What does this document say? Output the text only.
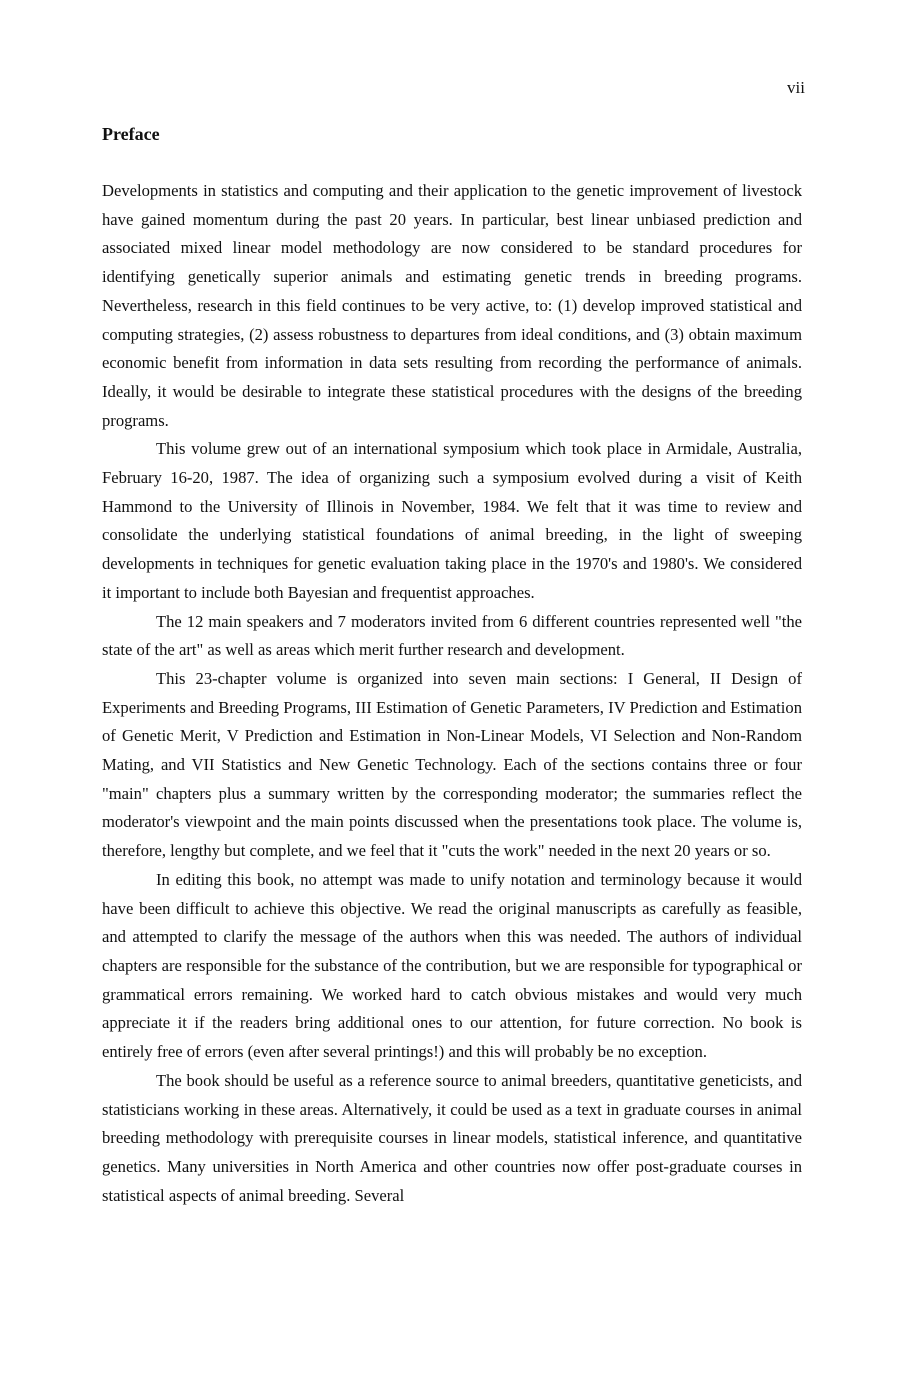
vii
Preface

Developments in statistics and computing and their application to the genetic improvement of livestock have gained momentum during the past 20 years. In particular, best linear unbiased prediction and associated mixed linear model methodology are now considered to be standard procedures for identifying genetically superior animals and estimating genetic trends in breeding programs. Nevertheless, research in this field continues to be very active, to: (1) develop improved statistical and computing strategies, (2) assess robustness to departures from ideal conditions, and (3) obtain maximum economic benefit from information in data sets resulting from recording the performance of animals. Ideally, it would be desirable to integrate these statistical procedures with the designs of the breeding programs.

This volume grew out of an international symposium which took place in Armidale, Australia, February 16-20, 1987. The idea of organizing such a symposium evolved during a visit of Keith Hammond to the University of Illinois in November, 1984. We felt that it was time to review and consolidate the underlying statistical foundations of animal breeding, in the light of sweeping developments in techniques for genetic evaluation taking place in the 1970's and 1980's. We considered it important to include both Bayesian and frequentist approaches.

The 12 main speakers and 7 moderators invited from 6 different countries represented well "the state of the art" as well as areas which merit further research and development.

This 23-chapter volume is organized into seven main sections: I General, II Design of Experiments and Breeding Programs, III Estimation of Genetic Parameters, IV Prediction and Estimation of Genetic Merit, V Prediction and Estimation in Non-Linear Models, VI Selection and Non-Random Mating, and VII Statistics and New Genetic Technology. Each of the sections contains three or four "main" chapters plus a summary written by the corresponding moderator; the summaries reflect the moderator's viewpoint and the main points discussed when the presentations took place. The volume is, therefore, lengthy but complete, and we feel that it "cuts the work" needed in the next 20 years or so.

In editing this book, no attempt was made to unify notation and terminology because it would have been difficult to achieve this objective. We read the original manuscripts as carefully as feasible, and attempted to clarify the message of the authors when this was needed. The authors of individual chapters are responsible for the substance of the contribution, but we are responsible for typographical or grammatical errors remaining. We worked hard to catch obvious mistakes and would very much appreciate it if the readers bring additional ones to our attention, for future correction. No book is entirely free of errors (even after several printings!) and this will probably be no exception.

The book should be useful as a reference source to animal breeders, quantitative geneticists, and statisticians working in these areas. Alternatively, it could be used as a text in graduate courses in animal breeding methodology with prerequisite courses in linear models, statistical inference, and quantitative genetics. Many universities in North America and other countries now offer post-graduate courses in statistical aspects of animal breeding. Several
